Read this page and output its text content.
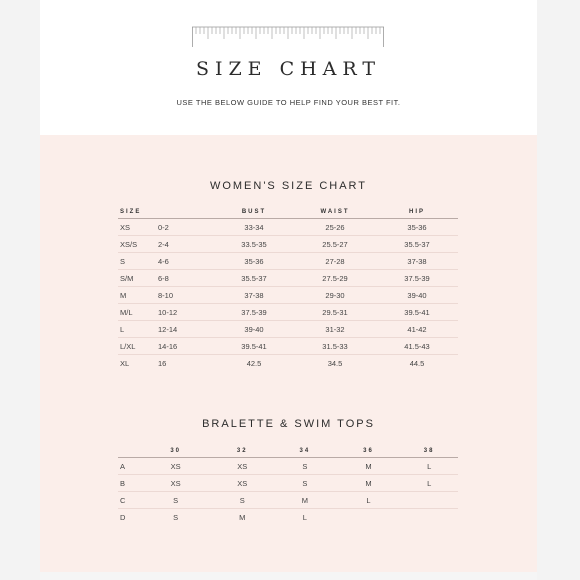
SIZE CHART
USE THE BELOW GUIDE TO HELP FIND YOUR BEST FIT.
WOMEN'S SIZE CHART
SIZE		BUST	WAIST	HIP
XS	0-2	33-34	25-26	35-36
XS/S	2-4	33.5-35	25.5-27	35.5-37
S	4-6	35-36	27-28	37-38
S/M	6-8	35.5-37	27.5-29	37.5-39
M	8-10	37-38	29-30	39-40
M/L	10-12	37.5-39	29.5-31	39.5-41
L	12-14	39-40	31-32	41-42
L/XL	14-16	39.5-41	31.5-33	41.5-43
XL	16	42.5	34.5	44.5
BRALETTE & SWIM TOPS
	30	32	34	36	38
A	XS	XS	S	M	L
B	XS	XS	S	M	L
C	S	S	M	L	
D	S	M	L		
